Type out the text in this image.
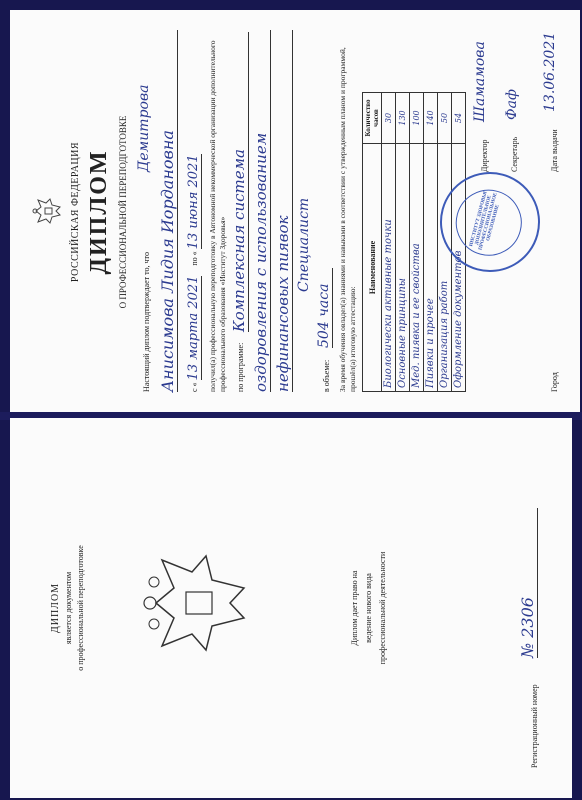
РОССИЙСКАЯ ФЕДЕРАЦИЯ ДИПЛОМ О ПРОФЕССИОНАЛЬНОЙ ПЕРЕПОДГОТОВКЕ
Настоящий диплом подтверждает то, что
Демитрова
Анисимова Лидия Иордановна	с « 13 марта 2021 по « 13 июня 2021 получил(а) профессиональную переподготовку в Автономной некоммерческой организации дополнительного профессионального образования «Институт Здоровья» по программе:
Комплексная система оздоровления с использованием нефинансовых пиявок Специалист
в объеме:
504 часа За время обучения овладел(а) знаниями и навыками в соответствии с утвержденным планом и программой, прошёл(а) итоговую аттестацию:
Наименование	Количество часов
Биологически активные точки	30
Основные принципы	130
Мед. пиявка и ее свойства	100
Пиявки и прочее	140
Организация работ	50
Оформление документов	54
ИНСТИТУТ ЗДОРОВЬЯ ДОПОЛНИТЕЛЬНОЕ ПРОФЕССИОНАЛЬНОЕ ОБРАЗОВАНИЕ
Директор
Шамамова
Секретарь
Фаф
Город
Дата выдачи
13.06.2021
ДИПЛОМ является документом о профессиональной переподготовке	Диплом дает право на ведение нового вида профессиональной деятельности
Регистрационный номер
№ 2306
